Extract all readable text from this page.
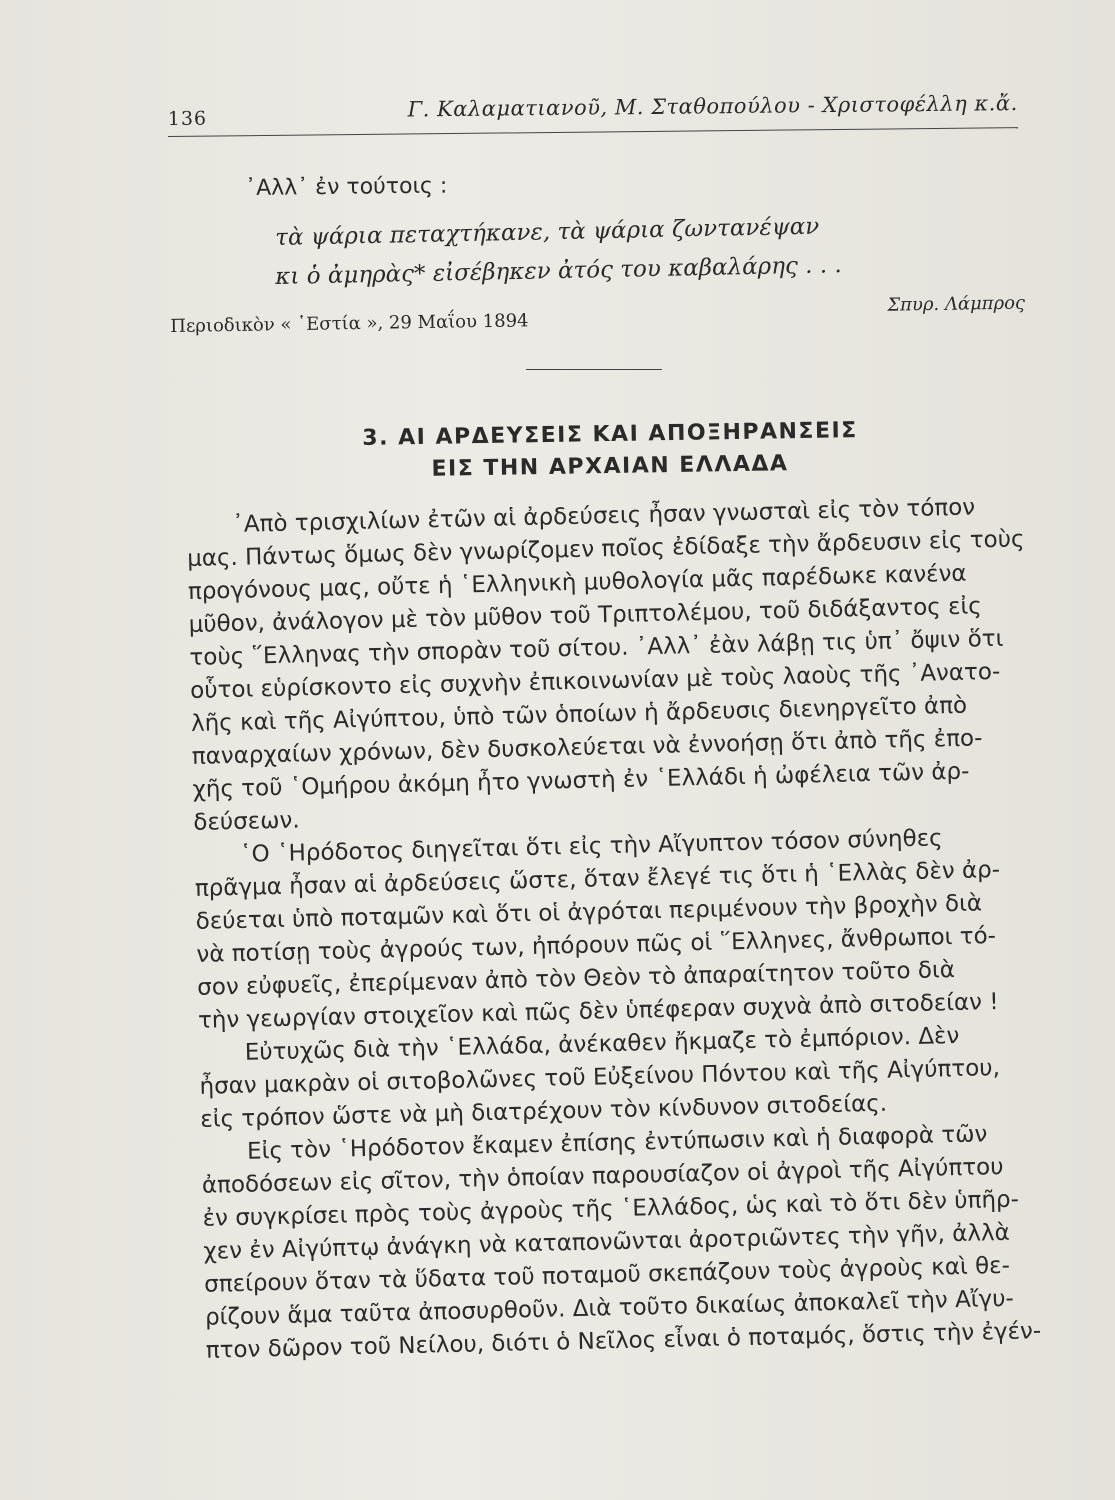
136	Γ. Καλαματιανοῦ, Μ. Σταθοπούλου - Χριστοφέλλη κ.ἄ.
᾿Αλλ᾿ ἐν τούτοις :
τὰ ψάρια πεταχτήκανε, τὰ ψάρια ζωντανέψαν
κι ὁ ἀμηρὰς* εἰσέβηκεν ἀτός του καβαλάρης . . .
Περιοδικὸν « ῾Εστία », 29 Μαΐου 1894
Σπυρ. Λάμπρος
3. ΑΙ ΑΡΔΕΥΣΕΙΣ ΚΑΙ ΑΠΟΞΗΡΑΝΣΕΙΣ
ΕΙΣ ΤΗΝ ΑΡΧΑΙΑΝ ΕΛΛΑΔΑ
᾿Απὸ τρισχιλίων ἐτῶν αἱ ἀρδεύσεις ἦσαν γνωσταὶ εἰς τὸν τόπον
μας. Πάντως ὅμως δὲν γνωρίζομεν ποῖος ἐδίδαξε τὴν ἄρδευσιν εἰς τοὺς
προγόνους μας, οὔτε ἡ ῾Ελληνικὴ μυθολογία μᾶς παρέδωκε κανένα
μῦθον, ἀνάλογον μὲ τὸν μῦθον τοῦ Τριπτολέμου, τοῦ διδάξαντος εἰς
τοὺς ῞Ελληνας τὴν σπορὰν τοῦ σίτου. ᾿Αλλ᾿ ἐὰν λάβῃ τις ὑπ᾿ ὄψιν ὅτι
οὗτοι εὑρίσκοντο εἰς συχνὴν ἐπικοινωνίαν μὲ τοὺς λαοὺς τῆς ᾿Ανατο-
λῆς καὶ τῆς Αἰγύπτου, ὑπὸ τῶν ὁποίων ἡ ἄρδευσις διενηργεῖτο ἀπὸ
παναρχαίων χρόνων, δὲν δυσκολεύεται νὰ ἐννοήσῃ ὅτι ἀπὸ τῆς ἐπο-
χῆς τοῦ ῾Ομήρου ἀκόμη ἦτο γνωστὴ ἐν ῾Ελλάδι ἡ ὠφέλεια τῶν ἀρ-
δεύσεων.
῾Ο ῾Ηρόδοτος διηγεῖται ὅτι εἰς τὴν Αἴγυπτον τόσον σύνηθες
πρᾶγμα ἦσαν αἱ ἀρδεύσεις ὥστε, ὅταν ἔλεγέ τις ὅτι ἡ ῾Ελλὰς δὲν ἀρ-
δεύεται ὑπὸ ποταμῶν καὶ ὅτι οἱ ἀγρόται περιμένουν τὴν βροχὴν διὰ
νὰ ποτίσῃ τοὺς ἀγρούς των, ἠπόρουν πῶς οἱ ῞Ελληνες, ἄνθρωποι τό-
σον εὐφυεῖς, ἐπερίμεναν ἀπὸ τὸν Θεὸν τὸ ἀπαραίτητον τοῦτο διὰ
τὴν γεωργίαν στοιχεῖον καὶ πῶς δὲν ὑπέφεραν συχνὰ ἀπὸ σιτοδείαν !
Εὐτυχῶς διὰ τὴν ῾Ελλάδα, ἀνέκαθεν ἤκμαζε τὸ ἐμπόριον. Δὲν
ἦσαν μακρὰν οἱ σιτοβολῶνες τοῦ Εὐξείνου Πόντου καὶ τῆς Αἰγύπτου,
εἰς τρόπον ὥστε νὰ μὴ διατρέχουν τὸν κίνδυνον σιτοδείας.
Εἰς τὸν ῾Ηρόδοτον ἔκαμεν ἐπίσης ἐντύπωσιν καὶ ἡ διαφορὰ τῶν
ἀποδόσεων εἰς σῖτον, τὴν ὁποίαν παρουσίαζον οἱ ἀγροὶ τῆς Αἰγύπτου
ἐν συγκρίσει πρὸς τοὺς ἀγροὺς τῆς ῾Ελλάδος, ὡς καὶ τὸ ὅτι δὲν ὑπῆρ-
χεν ἐν Αἰγύπτῳ ἀνάγκη νὰ καταπονῶνται ἀροτριῶντες τὴν γῆν, ἀλλὰ
σπείρουν ὅταν τὰ ὕδατα τοῦ ποταμοῦ σκεπάζουν τοὺς ἀγροὺς καὶ θε-
ρίζουν ἅμα ταῦτα ἀποσυρθοῦν. Διὰ τοῦτο δικαίως ἀποκαλεῖ τὴν Αἴγυ-
πτον δῶρον τοῦ Νείλου, διότι ὁ Νεῖλος εἶναι ὁ ποταμός, ὅστις τὴν ἐγέν-
